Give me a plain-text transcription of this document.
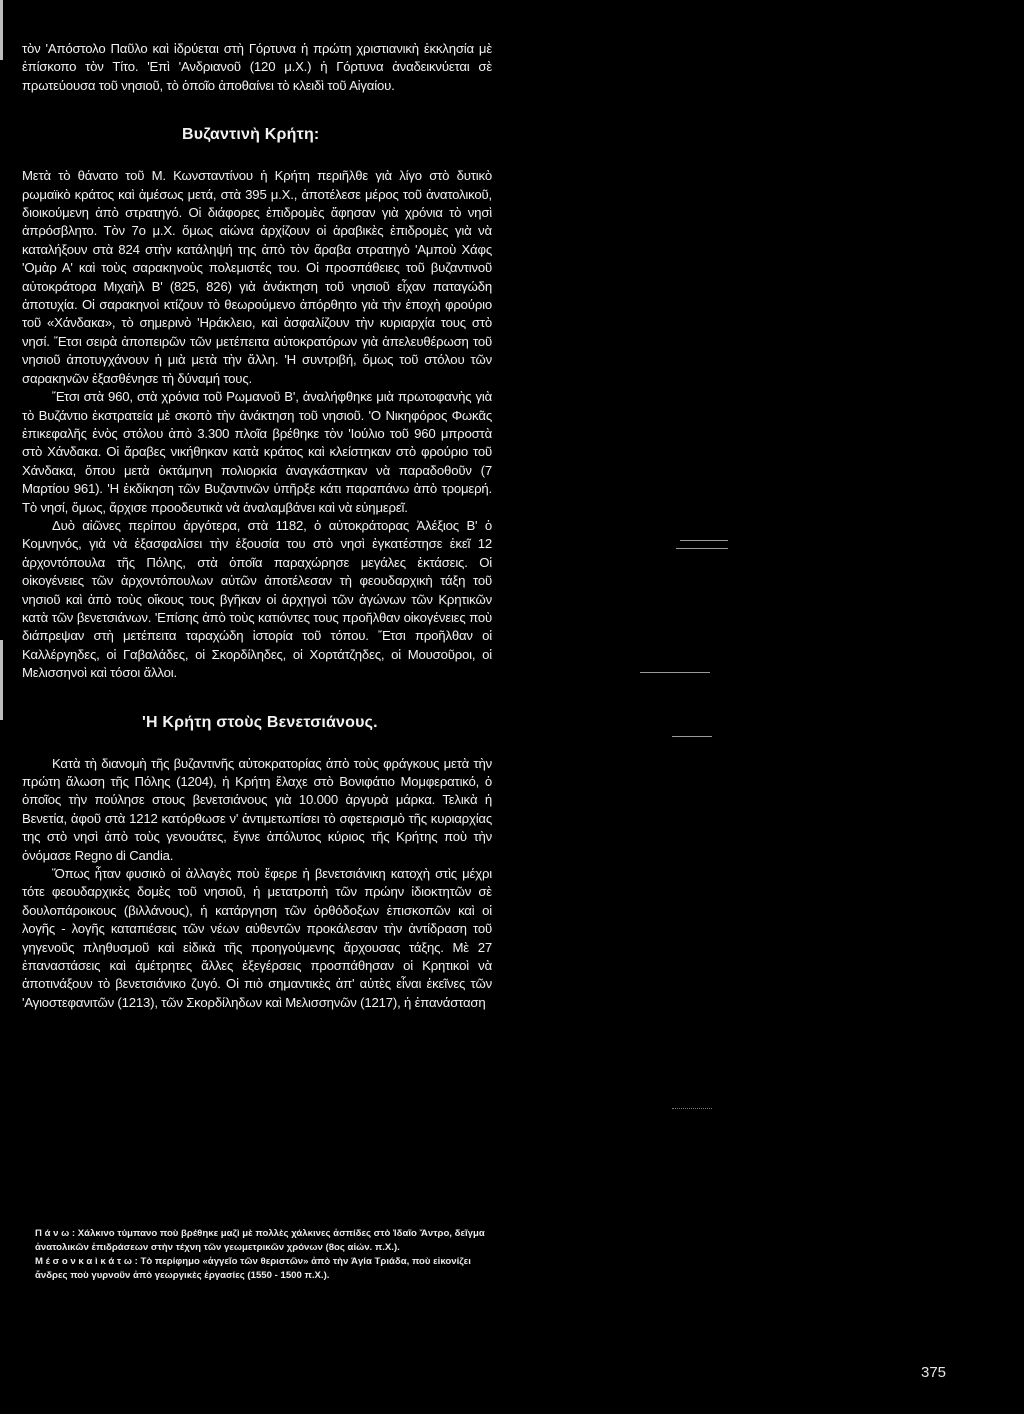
τὸν 'Απόστολο Παῦλο καὶ ἱδρύεται στὴ Γόρτυνα ἡ πρώτη χριστιανικὴ ἐκκλησία μὲ ἐπίσκοπο τὸν Τίτο. 'Επὶ 'Ανδριανοῦ (120 μ.Χ.) ἡ Γόρτυνα ἀναδεικνύεται σὲ πρωτεύουσα τοῦ νησιοῦ, τὸ ὁποῖο ἀποθαίνει τὸ κλειδὶ τοῦ Αἰγαίου.

Βυζαντινὴ Κρήτη:

Μετὰ τὸ θάνατο τοῦ Μ. Κωνσταντίνου ἡ Κρήτη περιῆλθε γιὰ λίγο στὸ δυτικὸ ρωμαϊκὸ κράτος καὶ ἀμέσως μετά, στὰ 395 μ.Χ., ἀποτέλεσε μέρος τοῦ ἀνατολικοῦ, διοικούμενη ἀπὸ στρατηγό. Οἱ διάφορες ἐπιδρομὲς ἄφησαν γιὰ χρόνια τὸ νησὶ ἀπρόσβλητο. Τὸν 7ο μ.Χ. ὅμως αἰώνα ἀρχίζουν οἱ ἀραβικὲς ἐπιδρομὲς γιὰ νὰ καταλήξουν στὰ 824 στὴν κατάληψή της ἀπὸ τὸν ἄραβα στρατηγὸ 'Αμποὺ Χάφς 'Ομὰρ Α' καὶ τοὺς σαρακηνοὺς πολεμιστές του. Οἱ προσπάθειες τοῦ βυζαντινοῦ αὐτοκράτορα Μιχαὴλ Β' (825, 826) γιὰ ἀνάκτηση τοῦ νησιοῦ εἶχαν παταγώδη ἀποτυχία. Οἱ σαρακηνοὶ κτίζουν τὸ θεωρούμενο ἀπόρθητο γιὰ τὴν ἐποχὴ φρούριο τοῦ «Χάνδακα», τὸ σημερινὸ 'Ηράκλειο, καὶ ἀσφαλίζουν τὴν κυριαρχία τους στὸ νησί. Ἔτσι σειρὰ ἀποπειρῶν τῶν μετέπειτα αὐτοκρατόρων γιὰ ἀπελευθέρωση τοῦ νησιοῦ ἀποτυγχάνουν ἡ μιὰ μετὰ τὴν ἄλλη. 'Η συντριβή, ὅμως τοῦ στόλου τῶν σαρακηνῶν ἐξασθένησε τὴ δύναμή τους.

Ἔτσι στὰ 960, στὰ χρόνια τοῦ Ρωμανοῦ Β', ἀναλήφθηκε μιὰ πρωτοφανὴς γιὰ τὸ Βυζάντιο ἐκστρατεία μὲ σκοπὸ τὴν ἀνάκτηση τοῦ νησιοῦ. 'Ο Νικηφόρος Φωκᾶς ἐπικεφαλῆς ἑνὸς στόλου ἀπὸ 3.300 πλοῖα βρέθηκε τὸν 'Ιούλιο τοῦ 960 μπροστὰ στὸ Χάνδακα. Οἱ ἄραβες νικήθηκαν κατὰ κράτος καὶ κλείστηκαν στὸ φρούριο τοῦ Χάνδακα, ὅπου μετὰ ὀκτάμηνη πολιορκία ἀναγκάστηκαν νὰ παραδοθοῦν (7 Μαρτίου 961). 'Η ἐκδίκηση τῶν Βυζαντινῶν ὑπῆρξε κάτι παραπάνω ἀπὸ τρομερή. Τὸ νησί, ὅμως, ἄρχισε προοδευτικὰ νὰ ἀναλαμβάνει καὶ νὰ εὐημερεῖ.

Δυὸ αἰῶνες περίπου ἀργότερα, στὰ 1182, ὁ αὐτοκράτορας Ἀλέξιος Β' ὁ Κομνηνός, γιὰ νὰ ἐξασφαλίσει τὴν ἐξουσία του στὸ νησὶ ἐγκατέστησε ἐκεῖ 12 ἀρχοντόπουλα τῆς Πόλης, στὰ ὁποῖα παραχώρησε μεγάλες ἐκτάσεις. Οἱ οἰκογένειες τῶν ἀρχοντόπουλων αὐτῶν ἀποτέλεσαν τὴ φεουδαρχικὴ τάξη τοῦ νησιοῦ καὶ ἀπὸ τοὺς οἴκους τους βγῆκαν οἱ ἀρχηγοὶ τῶν ἀγώνων τῶν Κρητικῶν κατὰ τῶν βενετσιάνων. 'Επίσης ἀπὸ τοὺς κατιόντες τους προῆλθαν οἰκογένειες ποὺ διάπρεψαν στὴ μετέπειτα ταραχώδη ἱστορία τοῦ τόπου. Ἔτσι προῆλθαν οἱ Καλλέργηδες, οἱ Γαβαλάδες, οἱ Σκορδίληδες, οἱ Χορτάτζηδες, οἱ Μουσοῦροι, οἱ Μελισσηνοὶ καὶ τόσοι ἄλλοι.

'Η Κρήτη στοὺς Βενετσιάνους.

Κατὰ τὴ διανομὴ τῆς βυζαντινῆς αὐτοκρατορίας ἀπὸ τοὺς φράγκους μετὰ τὴν πρώτη ἅλωση τῆς Πόλης (1204), ἡ Κρήτη ἔλαχε στὸ Βονιφάτιο Μομφερατικό, ὁ ὁποῖος τὴν πούλησε στους βενετσιάνους γιὰ 10.000 ἀργυρὰ μάρκα. Τελικὰ ἡ Βενετία, ἀφοῦ στὰ 1212 κατόρθωσε ν' ἀντιμετωπίσει τὸ σφετερισμὸ τῆς κυριαρχίας της στὸ νησὶ ἀπὸ τοὺς γενουάτες, ἔγινε ἀπόλυτος κύριος τῆς Κρήτης ποὺ τὴν ὀνόμασε Regno di Candia.

Ὅπως ἦταν φυσικὸ οἱ ἀλλαγὲς ποὺ ἔφερε ἡ βενετσιάνικη κατοχὴ στὶς μέχρι τότε φεουδαρχικὲς δομὲς τοῦ νησιοῦ, ἡ μετατροπὴ τῶν πρώην ἰδιοκτητῶν σὲ δουλοπάροικους (βιλλάνους), ἡ κατάργηση τῶν ὀρθόδοξων ἐπισκοπῶν καὶ οἱ λογῆς - λογῆς καταπιέσεις τῶν νέων αὐθεντῶν προκάλεσαν τὴν ἀντίδραση τοῦ γηγενοῦς πληθυσμοῦ καὶ εἰδικὰ τῆς προηγούμενης ἄρχουσας τάξης. Μὲ 27 ἐπαναστάσεις καὶ ἀμέτρητες ἄλλες ἐξεγέρσεις προσπάθησαν οἱ Κρητικοὶ νὰ ἀποτινάξουν τὸ βενετσιάνικο ζυγό. Οἱ πιὸ σημαντικὲς ἀπ' αὐτὲς εἶναι ἐκεῖνες τῶν 'Αγιοστεφανιτῶν (1213), τῶν Σκορδίληδων καὶ Μελισσηνῶν (1217), ἡ ἐπανάσταση

Π ά ν ω : Χάλκινο τύμπανο ποὺ βρέθηκε μαζὶ μὲ πολλὲς χάλκινες ἀσπίδες στὸ Ἰδαῖο Ἄντρο, δεῖγμα ἀνατολικῶν ἐπιδράσεων στὴν τέχνη τῶν γεωμετρικῶν χρόνων (8ος αἰών. π.Χ.).

Μ έ σ ο ν κ α ὶ κ ά τ ω : Τὸ περίφημο «ἀγγεῖο τῶν θεριστῶν» ἀπὸ τὴν Ἁγία Τριάδα, ποὺ εἰκονίζει ἄνδρες ποὺ γυρνοῦν ἀπὸ γεωργικὲς ἐργασίες (1550 - 1500 π.Χ.).

375
